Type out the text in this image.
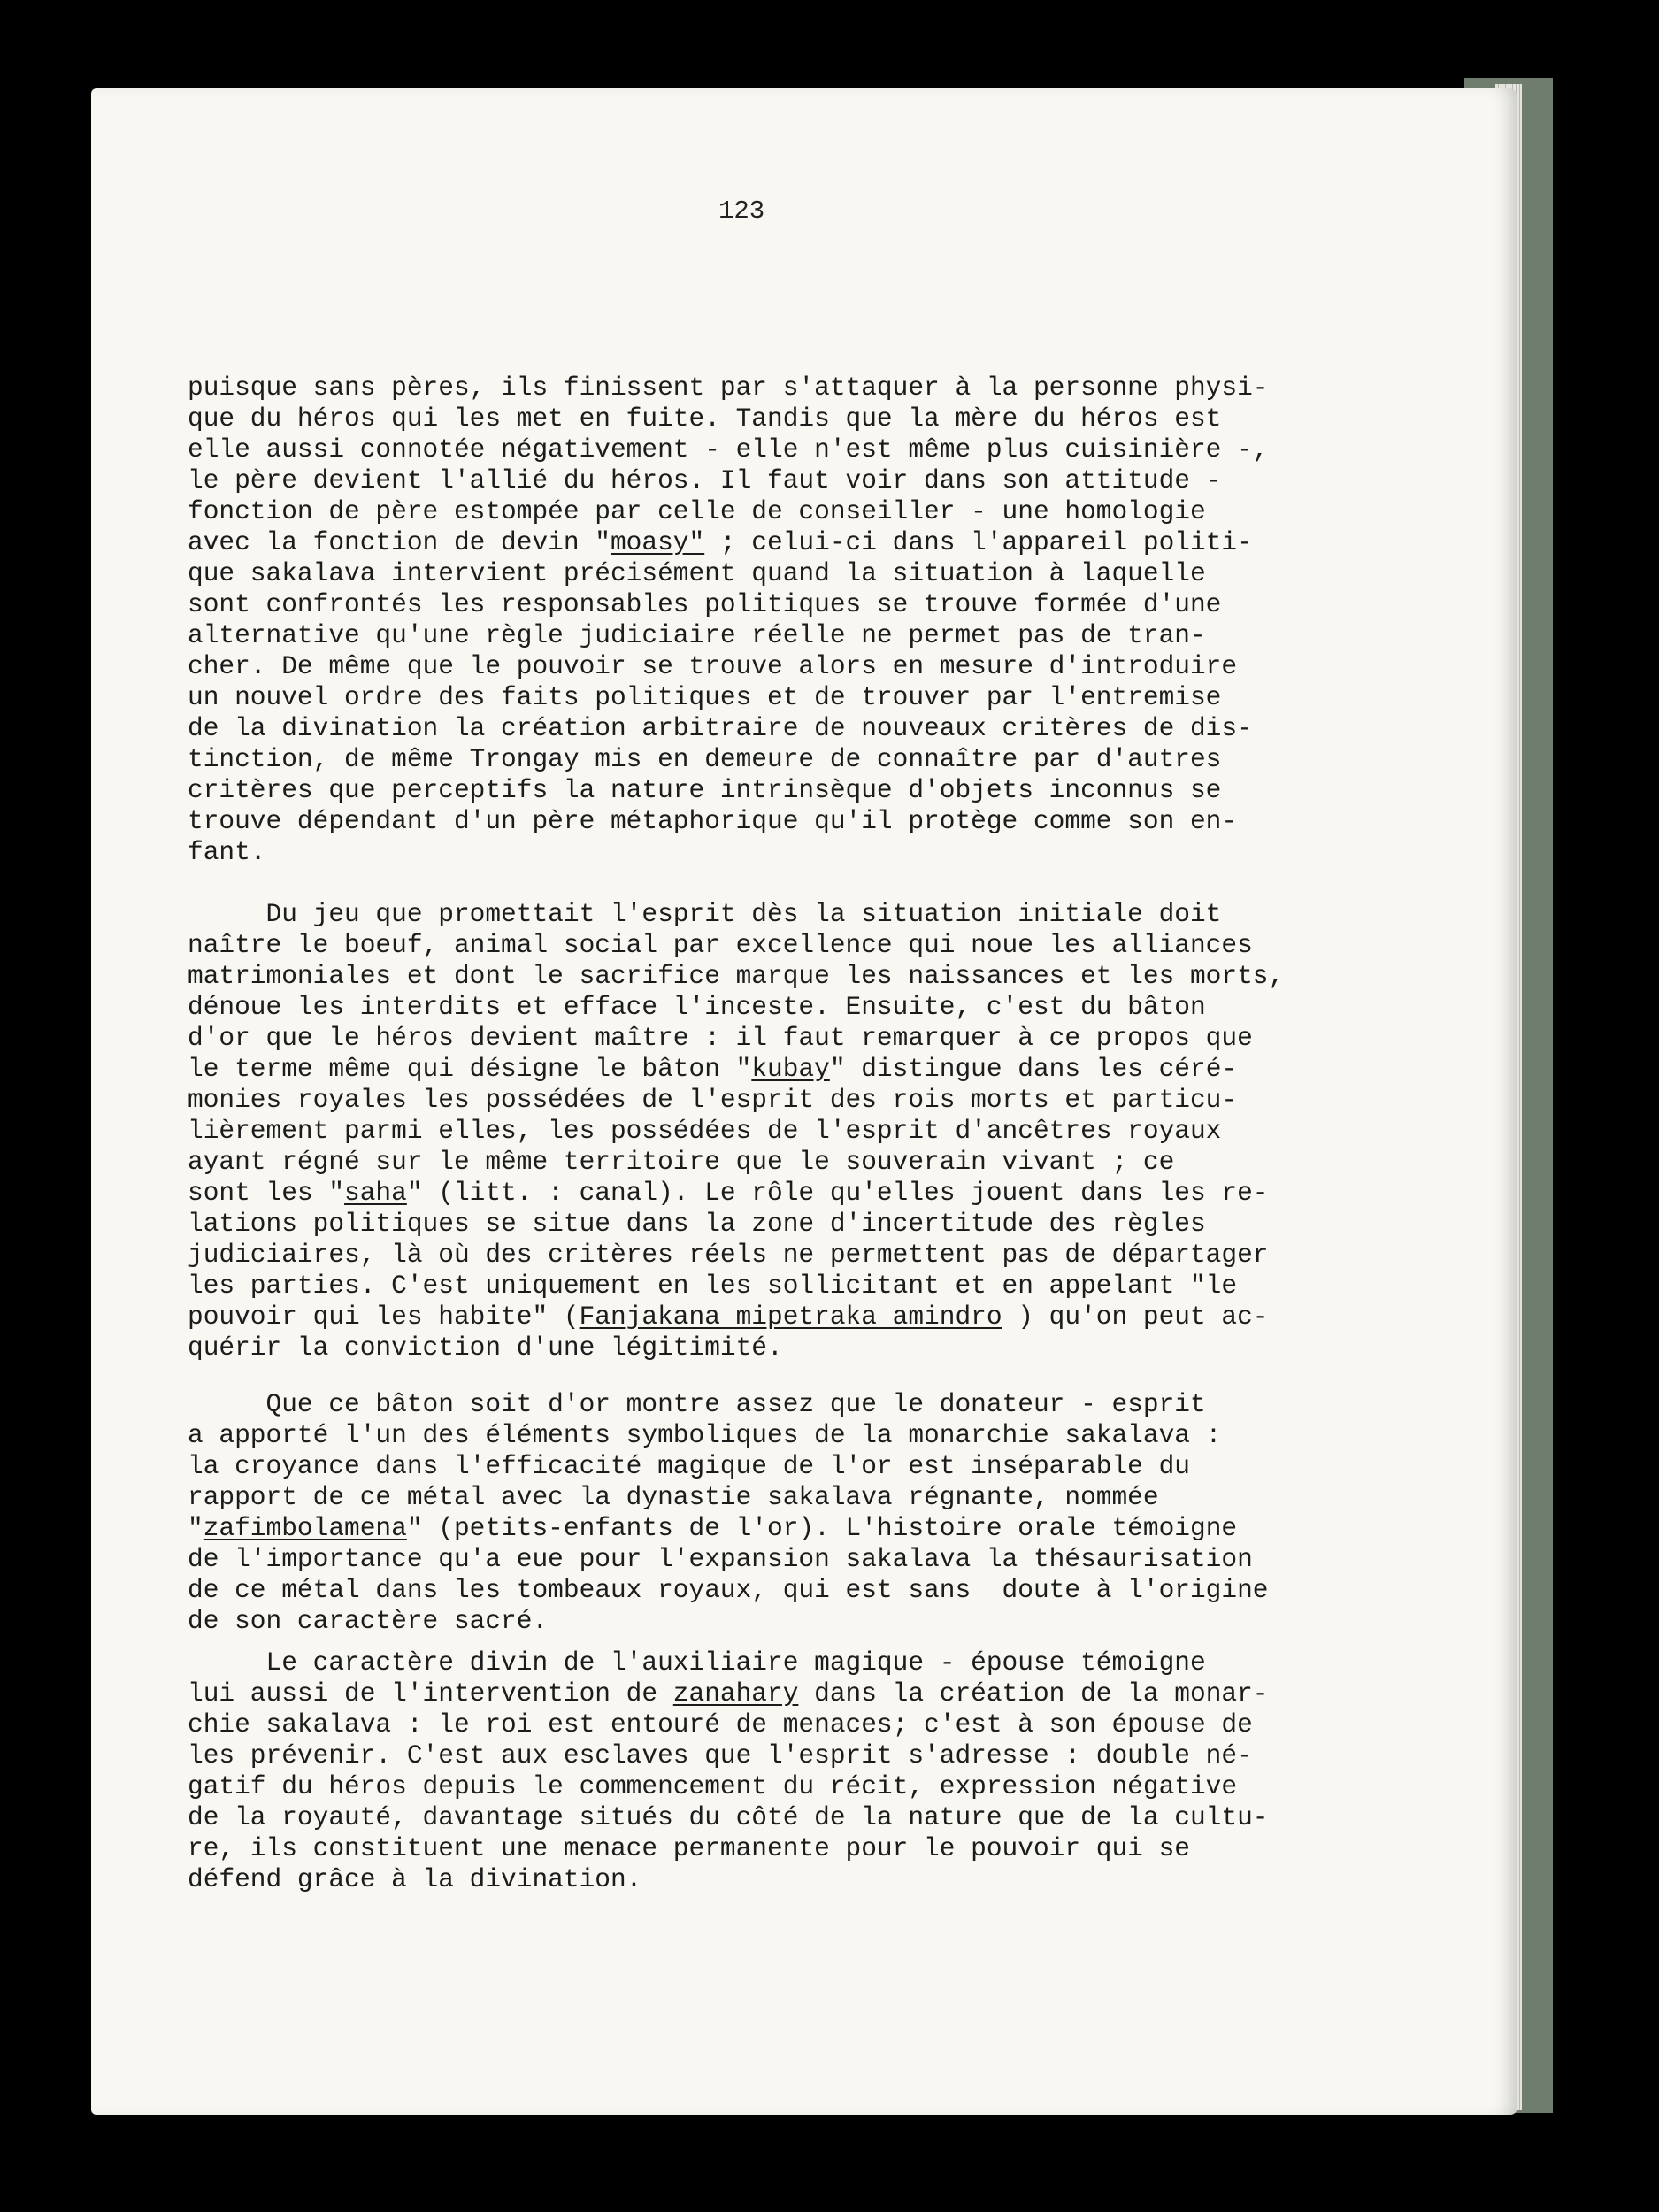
123
puisque sans pères, ils finissent par s'attaquer à la personne physi-
que du héros qui les met en fuite. Tandis que la mère du héros est
elle aussi connotée négativement - elle n'est même plus cuisinière -,
le père devient l'allié du héros. Il faut voir dans son attitude -
fonction de père estompée par celle de conseiller - une homologie
avec la fonction de devin "moasy" ; celui-ci dans l'appareil politi-
que sakalava intervient précisément quand la situation à laquelle
sont confrontés les responsables politiques se trouve formée d'une
alternative qu'une règle judiciaire réelle ne permet pas de tran-
cher. De même que le pouvoir se trouve alors en mesure d'introduire
un nouvel ordre des faits politiques et de trouver par l'entremise
de la divination la création arbitraire de nouveaux critères de dis-
tinction, de même Trongay mis en demeure de connaître par d'autres
critères que perceptifs la nature intrinsèque d'objets inconnus se
trouve dépendant d'un père métaphorique qu'il protège comme son en-
fant.
Du jeu que promettait l'esprit dès la situation initiale doit
naître le boeuf, animal social par excellence qui noue les alliances
matrimoniales et dont le sacrifice marque les naissances et les morts,
dénoue les interdits et efface l'inceste. Ensuite, c'est du bâton
d'or que le héros devient maître : il faut remarquer à ce propos que
le terme même qui désigne le bâton "kubay" distingue dans les céré-
monies royales les possédées de l'esprit des rois morts et particu-
lièrement parmi elles, les possédées de l'esprit d'ancêtres royaux
ayant régné sur le même territoire que le souverain vivant ; ce
sont les "saha" (litt. : canal). Le rôle qu'elles jouent dans les re-
lations politiques se situe dans la zone d'incertitude des règles
judiciaires, là où des critères réels ne permettent pas de départager
les parties. C'est uniquement en les sollicitant et en appelant "le
pouvoir qui les habite" (Fanjakana mipetraka amindro ) qu'on peut ac-
quérir la conviction d'une légitimité.
Que ce bâton soit d'or montre assez que le donateur - esprit
a apporté l'un des éléments symboliques de la monarchie sakalava :
la croyance dans l'efficacité magique de l'or est inséparable du
rapport de ce métal avec la dynastie sakalava régnante, nommée
"zafimbolamena" (petits-enfants de l'or). L'histoire orale témoigne
de l'importance qu'a eue pour l'expansion sakalava la thésaurisation
de ce métal dans les tombeaux royaux, qui est sans  doute à l'origine
de son caractère sacré.
Le caractère divin de l'auxiliaire magique - épouse témoigne
lui aussi de l'intervention de zanahary dans la création de la monar-
chie sakalava : le roi est entouré de menaces; c'est à son épouse de
les prévenir. C'est aux esclaves que l'esprit s'adresse : double né-
gatif du héros depuis le commencement du récit, expression négative
de la royauté, davantage situés du côté de la nature que de la cultu-
re, ils constituent une menace permanente pour le pouvoir qui se
défend grâce à la divination.
